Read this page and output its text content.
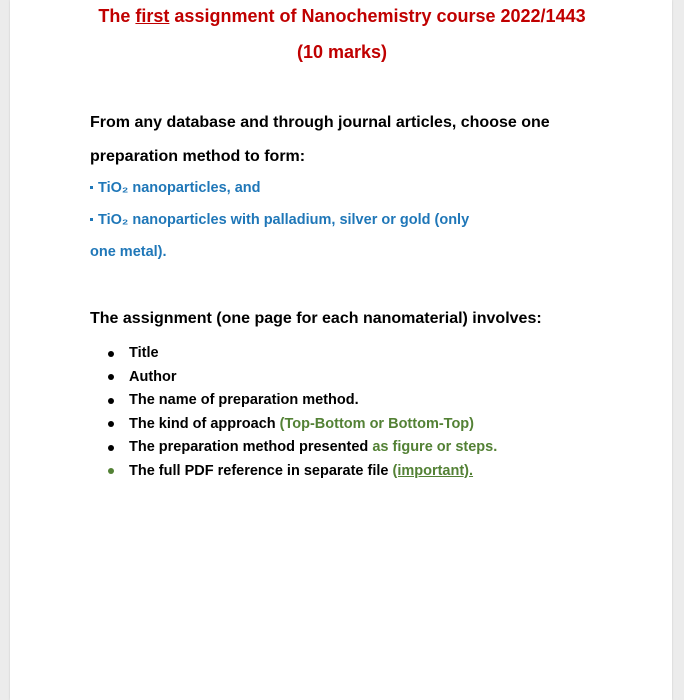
The first assignment of Nanochemistry course 2022/1443
(10 marks)
From any database and through journal articles, choose one
preparation method to form:
TiO₂ nanoparticles, and
TiO₂ nanoparticles with palladium, silver or gold (only
one metal).
The assignment (one page for each nanomaterial) involves:
Title
Author
The name of preparation method.
The kind of approach (Top-Bottom or Bottom-Top)
The preparation method presented as figure or steps.
The full PDF reference in separate file (important).
